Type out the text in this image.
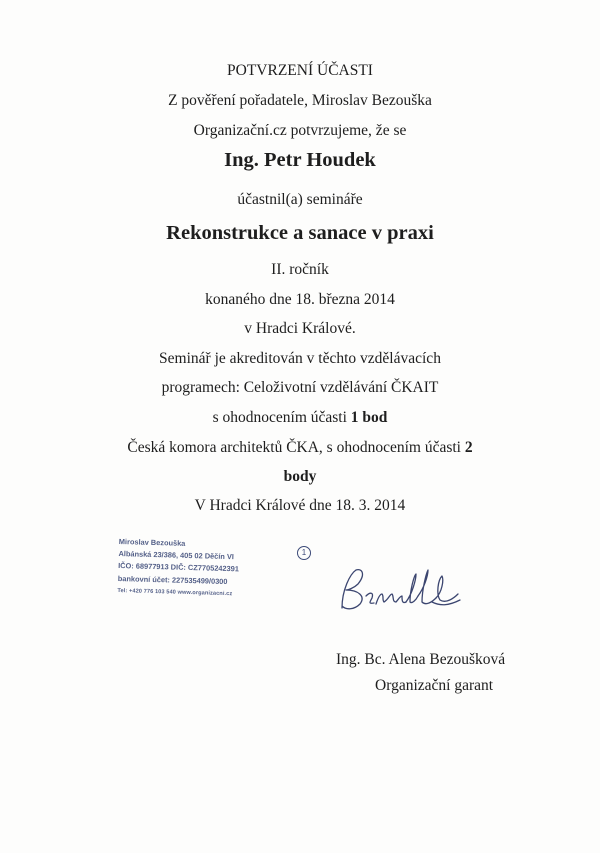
POTVRZENÍ ÚČASTI
Z pověření pořadatele, Miroslav Bezouška
Organizační.cz potvrzujeme, že se
Ing. Petr Houdek
účastnil(a) semináře
Rekonstrukce a sanace v praxi
II. ročník
konaného dne 18. března 2014
v Hradci Králové.
Seminář je akreditován v těchto vzdělávacích
programech: Celoživotní vzdělávání ČKAIT
s ohodnocením účasti 1 bod
Česká komora architektů ČKA, s ohodnocením účasti 2
body
V Hradci Králové dne 18. 3. 2014
Miroslav Bezouška
Albánská 23/386, 405 02 Děčín VI
IČO: 68977913 DIČ: CZ7705242391
bankovní účet: 227535499/0300
Tel: +420 776 103 540 www.organizacni.cz
1
Ing. Bc. Alena Bezoušková
Organizační garant
